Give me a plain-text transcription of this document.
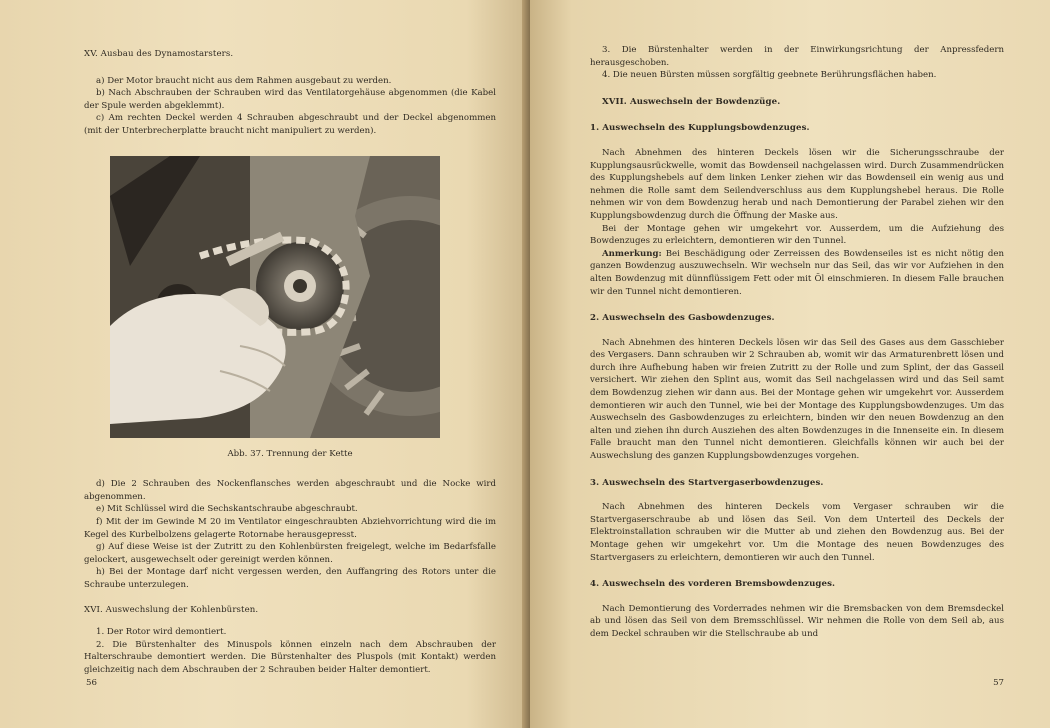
XV. Ausbau des Dynamostarsters.

a) Der Motor braucht nicht aus dem Rahmen ausgebaut zu werden.

b) Nach Abschrauben der Schrauben wird das Ventilatorgehäuse abgenommen (die Kabel der Spule werden abgeklemmt).

c) Am rechten Deckel werden 4 Schrauben abgeschraubt und der Deckel abgenommen (mit der Unterbrecherplatte braucht nicht manipuliert zu werden).

Abb. 37. Trennung der Kette

d) Die 2 Schrauben des Nockenflansches werden abgeschraubt und die Nocke wird abgenommen.

e) Mit Schlüssel wird die Sechskantschraube abgeschraubt.

f) Mit der im Gewinde M 20 im Ventilator eingeschraubten Abziehvorrichtung wird die im Kegel des Kurbelbolzens gelagerte Rotornabe herausgepresst.

g) Auf diese Weise ist der Zutritt zu den Kohlenbürsten freigelegt, welche im Bedarfsfalle gelockert, ausgewechselt oder gereinigt werden können.

h) Bei der Montage darf nicht vergessen werden, den Auffangring des Rotors unter die Schraube unterzulegen.

XVI. Auswechslung der Kohlenbürsten.

1. Der Rotor wird demontiert.

2. Die Bürstenhalter des Minuspols können einzeln nach dem Abschrauben der Halterschraube demontiert werden. Die Bürstenhalter des Pluspols (mit Kontakt) werden gleichzeitig nach dem Abschrauben der 2 Schrauben beider Halter demontiert.

56

3. Die Bürstenhalter werden in der Einwirkungsrichtung der Anpressfedern herausgeschoben.

4. Die neuen Bürsten müssen sorgfältig geebnete Berührungsflächen haben.

XVII. Auswechseln der Bowdenzüge.

1. Auswechseln des Kupplungsbowdenzuges.

Nach Abnehmen des hinteren Deckels lösen wir die Sicherungsschraube der Kupplungsausrückwelle, womit das Bowdenseil nachgelassen wird. Durch Zusammendrücken des Kupplungshebels auf dem linken Lenker ziehen wir das Bowdenseil ein wenig aus und nehmen die Rolle samt dem Seilendverschluss aus dem Kupplungshebel heraus. Die Rolle nehmen wir von dem Bowdenzug herab und nach Demontierung der Parabel ziehen wir den Kupplungsbowdenzug durch die Öffnung der Maske aus.

Bei der Montage gehen wir umgekehrt vor. Ausserdem, um die Aufziehung des Bowdenzuges zu erleichtern, demontieren wir den Tunnel.

Anmerkung: Bei Beschädigung oder Zerreissen des Bowdenseiles ist es nicht nötig den ganzen Bowdenzug auszuwechseln. Wir wechseln nur das Seil, das wir vor Aufziehen in den alten Bowdenzug mit dünnflüssigem Fett oder mit Öl einschmieren. In diesem Falle brauchen wir den Tunnel nicht demontieren.

2. Auswechseln des Gasbowdenzuges.

Nach Abnehmen des hinteren Deckels lösen wir das Seil des Gases aus dem Gasschieber des Vergasers. Dann schrauben wir 2 Schrauben ab, womit wir das Armaturenbrett lösen und durch ihre Aufhebung haben wir freien Zutritt zu der Rolle und zum Splint, der das Gasseil versichert. Wir ziehen den Splint aus, womit das Seil nachgelassen wird und das Seil samt dem Bowdenzug ziehen wir dann aus. Bei der Montage gehen wir umgekehrt vor. Ausserdem demontieren wir auch den Tunnel, wie bei der Montage des Kupplungsbowdenzuges. Um das Auswechseln des Gasbowdenzuges zu erleichtern, binden wir den neuen Bowdenzug an den alten und ziehen ihn durch Ausziehen des alten Bowdenzuges in die Innenseite ein. In diesem Falle braucht man den Tunnel nicht demontieren. Gleichfalls können wir auch bei der Auswechslung des ganzen Kupplungsbowdenzuges vorgehen.

3. Auswechseln des Startvergaserbowdenzuges.

Nach Abnehmen des hinteren Deckels vom Vergaser schrauben wir die Startvergaserschraube ab und lösen das Seil. Von dem Unterteil des Deckels der Elektroinstallation schrauben wir die Mutter ab und ziehen den Bowdenzug aus. Bei der Montage gehen wir umgekehrt vor. Um die Montage des neuen Bowdenzuges des Startvergasers zu erleichtern, demontieren wir auch den Tunnel.

4. Auswechseln des vorderen Bremsbowdenzuges.

Nach Demontierung des Vorderrades nehmen wir die Bremsbacken von dem Bremsdeckel ab und lösen das Seil von dem Bremsschlüssel. Wir nehmen die Rolle von dem Seil ab, aus dem Deckel schrauben wir die Stellschraube ab und

57
